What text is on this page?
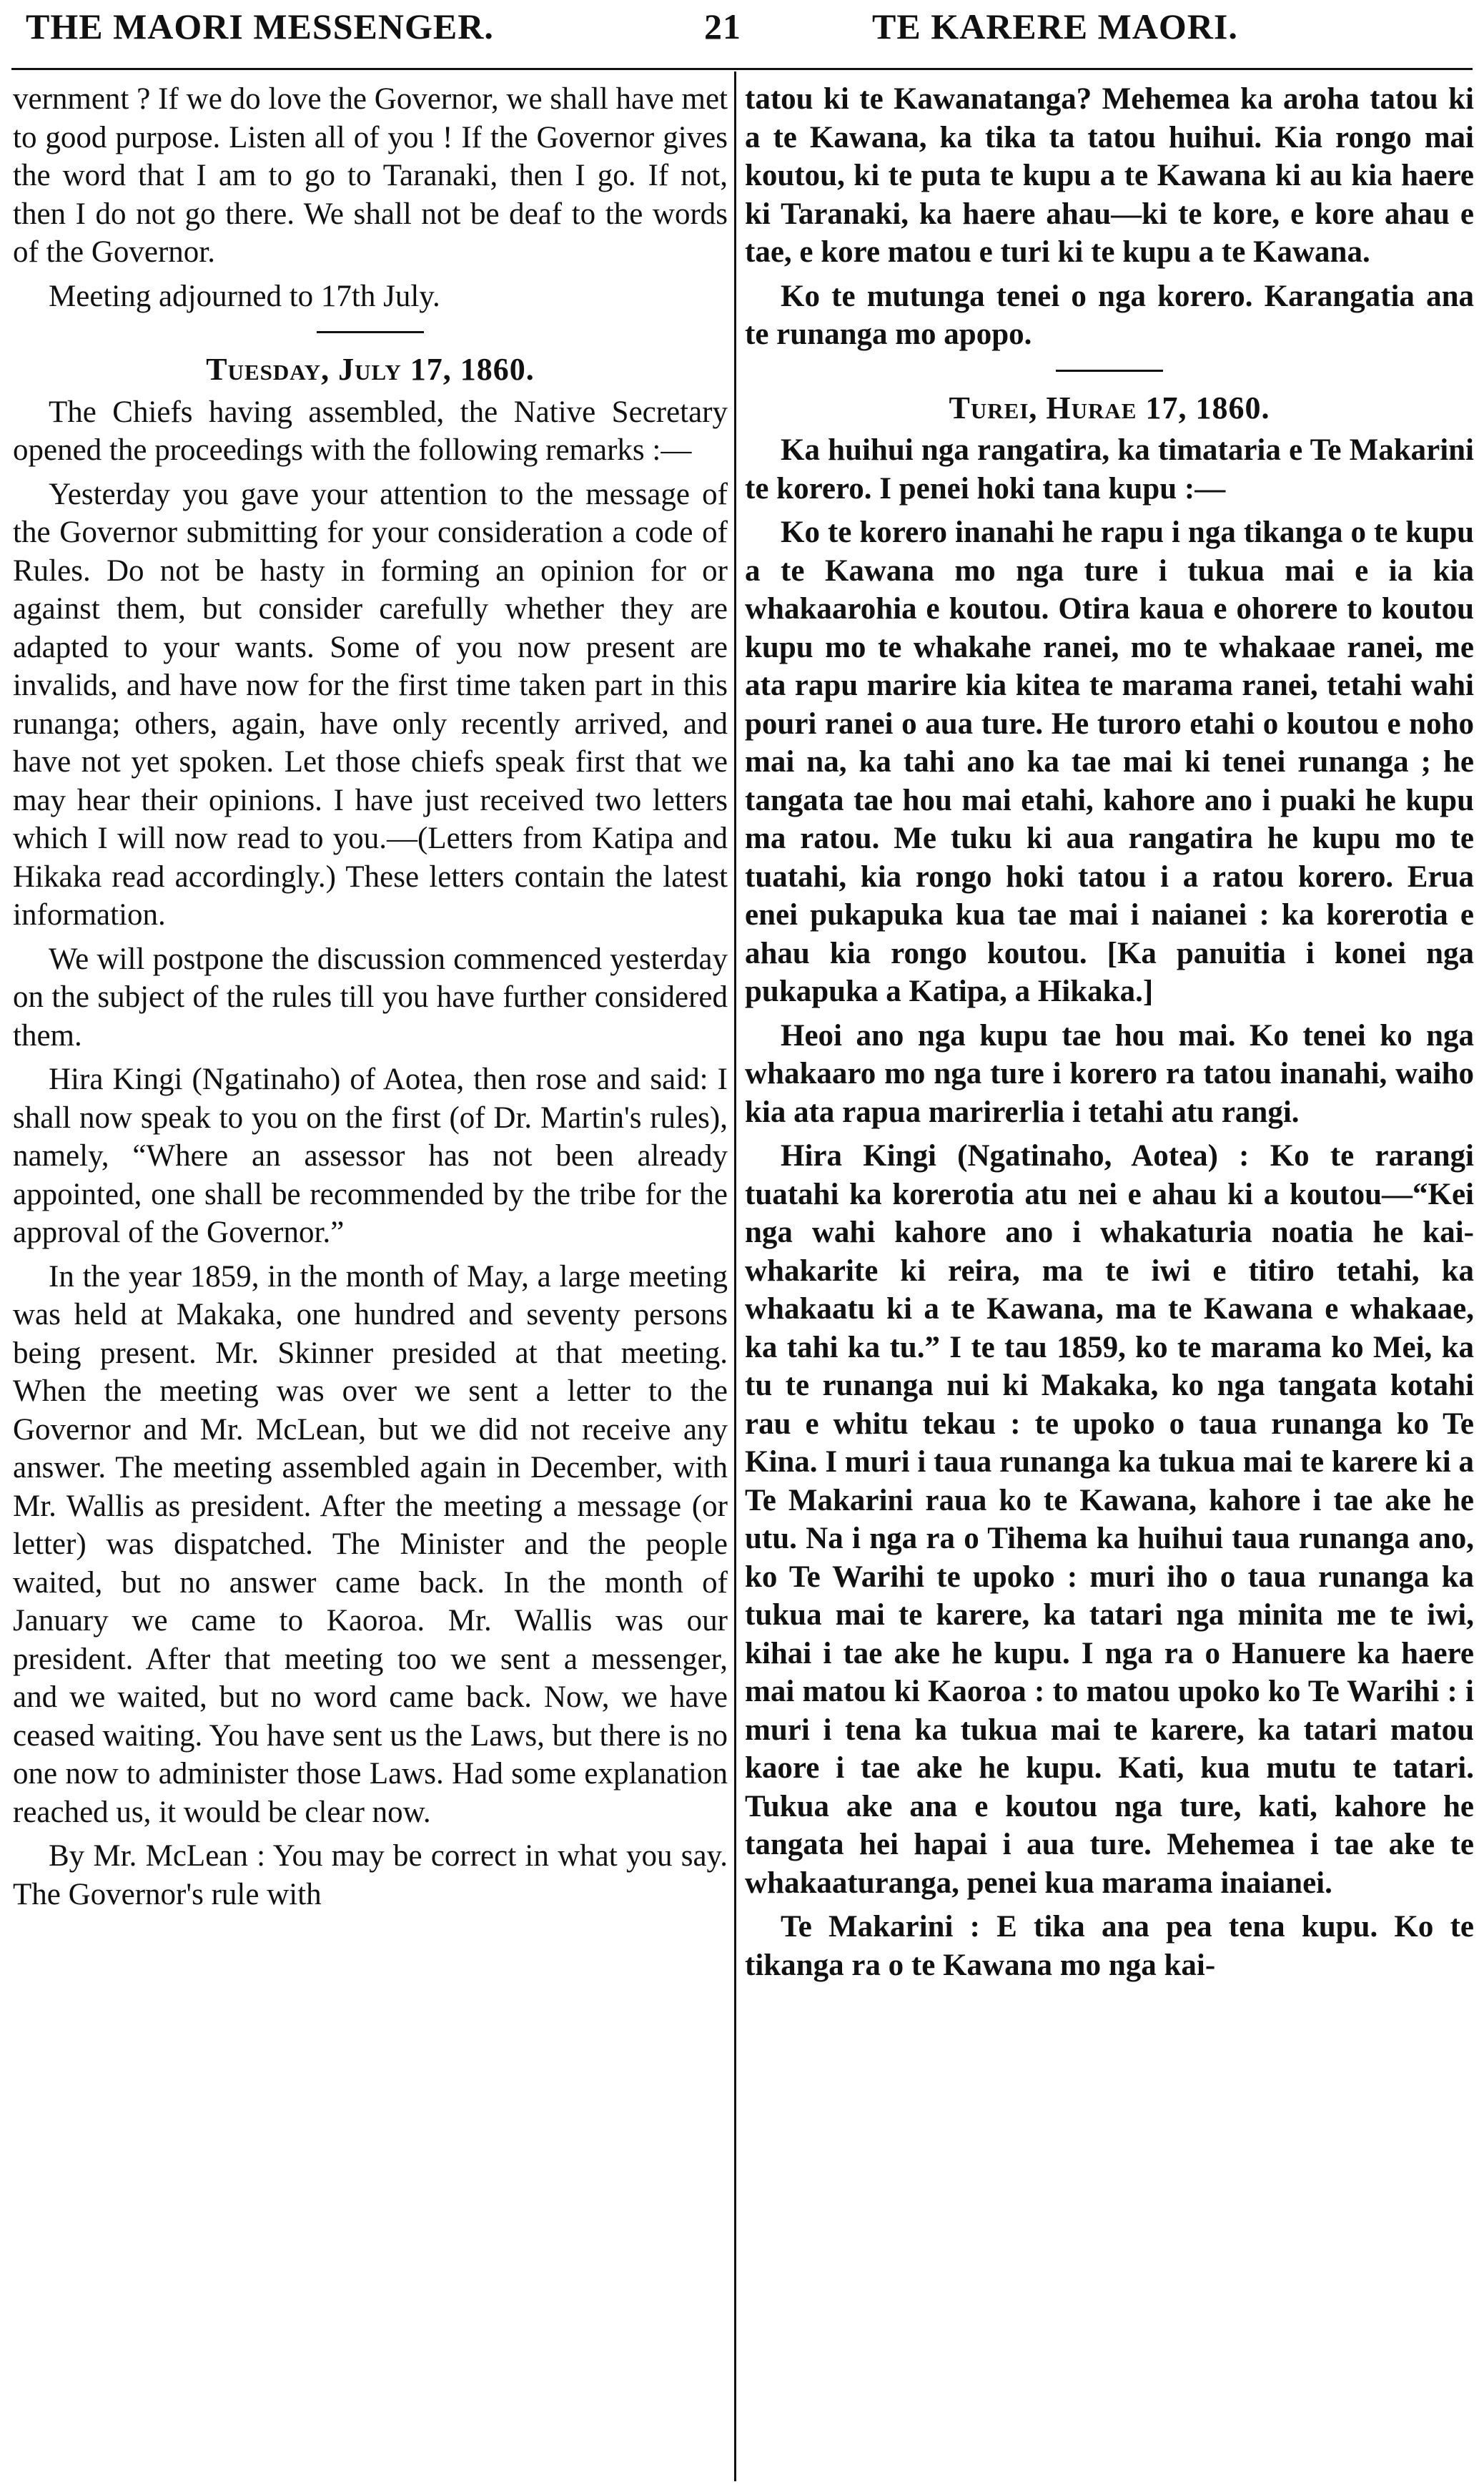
THE MAORI MESSENGER.	21	TE KARERE MAORI.

vernment ? If we do love the Governor, we shall have met to good purpose. Listen all of you ! If the Governor gives the word that I am to go to Taranaki, then I go. If not, then I do not go there. We shall not be deaf to the words of the Governor.

Meeting adjourned to 17th July.

Tuesday, July 17, 1860.

The Chiefs having assembled, the Native Secretary opened the proceedings with the following remarks :—

Yesterday you gave your attention to the message of the Governor submitting for your consideration a code of Rules. Do not be hasty in forming an opinion for or against them, but consider carefully whether they are adapted to your wants. Some of you now present are invalids, and have now for the first time taken part in this runanga; others, again, have only recently arrived, and have not yet spoken. Let those chiefs speak first that we may hear their opinions. I have just received two letters which I will now read to you.—(Letters from Katipa and Hikaka read accordingly.) These letters contain the latest information.

We will postpone the discussion commenced yesterday on the subject of the rules till you have further considered them.

Hira Kingi (Ngatinaho) of Aotea, then rose and said: I shall now speak to you on the first (of Dr. Martin's rules), namely, “Where an assessor has not been already appointed, one shall be recommended by the tribe for the approval of the Governor.”

In the year 1859, in the month of May, a large meeting was held at Makaka, one hundred and seventy persons being present. Mr. Skinner presided at that meeting. When the meeting was over we sent a letter to the Governor and Mr. McLean, but we did not receive any answer. The meeting assembled again in December, with Mr. Wallis as president. After the meeting a message (or letter) was dispatched. The Minister and the people waited, but no answer came back. In the month of January we came to Kaoroa. Mr. Wallis was our president. After that meeting too we sent a messenger, and we waited, but no word came back. Now, we have ceased waiting. You have sent us the Laws, but there is no one now to administer those Laws. Had some explanation reached us, it would be clear now.

By Mr. McLean : You may be correct in what you say. The Governor's rule with

tatou ki te Kawanatanga? Mehemea ka aroha tatou ki a te Kawana, ka tika ta tatou huihui. Kia rongo mai koutou, ki te puta te kupu a te Kawana ki au kia haere ki Taranaki, ka haere ahau—ki te kore, e kore ahau e tae, e kore matou e turi ki te kupu a te Kawana.

Ko te mutunga tenei o nga korero. Karangatia ana te runanga mo apopo.

Turei, Hurae 17, 1860.

Ka huihui nga rangatira, ka timataria e Te Makarini te korero. I penei hoki tana kupu :—

Ko te korero inanahi he rapu i nga tikanga o te kupu a te Kawana mo nga ture i tukua mai e ia kia whakaarohia e koutou. Otira kaua e ohorere to koutou kupu mo te whakahe ranei, mo te whakaae ranei, me ata rapu marire kia kitea te marama ranei, tetahi wahi pouri ranei o aua ture. He turoro etahi o koutou e noho mai na, ka tahi ano ka tae mai ki tenei runanga ; he tangata tae hou mai etahi, kahore ano i puaki he kupu ma ratou. Me tuku ki aua rangatira he kupu mo te tuatahi, kia rongo hoki tatou i a ratou korero. Erua enei pukapuka kua tae mai i naianei : ka korerotia e ahau kia rongo koutou. [Ka panuitia i konei nga pukapuka a Katipa, a Hikaka.]

Heoi ano nga kupu tae hou mai. Ko tenei ko nga whakaaro mo nga ture i korero ra tatou inanahi, waiho kia ata rapua marirerlia i tetahi atu rangi.

Hira Kingi (Ngatinaho, Aotea) : Ko te rarangi tuatahi ka korerotia atu nei e ahau ki a koutou—“Kei nga wahi kahore ano i whakaturia noatia he kai-whakarite ki reira, ma te iwi e titiro tetahi, ka whakaatu ki a te Kawana, ma te Kawana e whakaae, ka tahi ka tu.” I te tau 1859, ko te marama ko Mei, ka tu te runanga nui ki Makaka, ko nga tangata kotahi rau e whitu tekau : te upoko o taua runanga ko Te Kina. I muri i taua runanga ka tukua mai te karere ki a Te Makarini raua ko te Kawana, kahore i tae ake he utu. Na i nga ra o Tihema ka huihui taua runanga ano, ko Te Warihi te upoko : muri iho o taua runanga ka tukua mai te karere, ka tatari nga minita me te iwi, kihai i tae ake he kupu. I nga ra o Hanuere ka haere mai matou ki Kaoroa : to matou upoko ko Te Warihi : i muri i tena ka tukua mai te karere, ka tatari matou kaore i tae ake he kupu. Kati, kua mutu te tatari. Tukua ake ana e koutou nga ture, kati, kahore he tangata hei hapai i aua ture. Mehemea i tae ake te whakaaturanga, penei kua marama inaianei.

Te Makarini : E tika ana pea tena kupu. Ko te tikanga ra o te Kawana mo nga kai-
